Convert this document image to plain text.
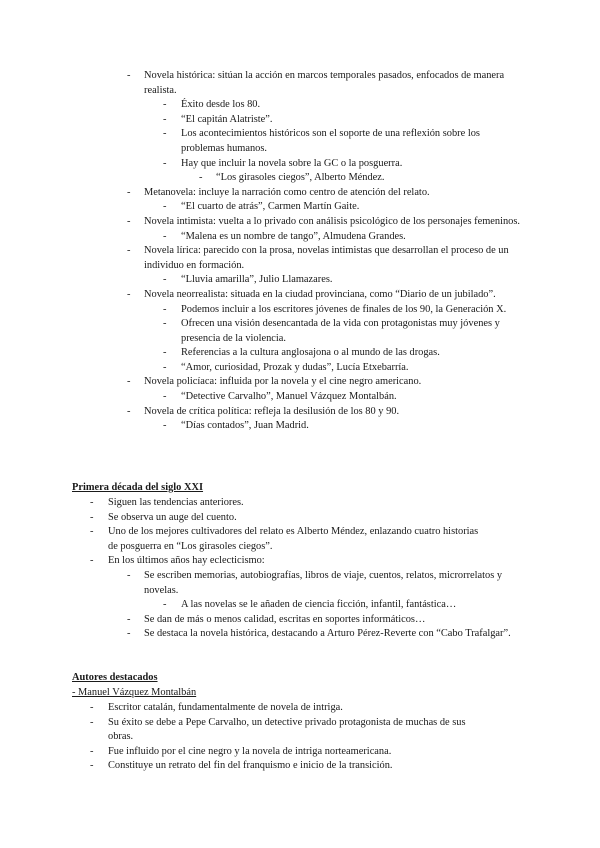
- Novela histórica: sitúan la acción en marcos temporales pasados, enfocados de manera realista.
- Éxito desde los 80.
- “El capitán Alatriste”.
- Los acontecimientos históricos son el soporte de una reflexión sobre los problemas humanos.
- Hay que incluir la novela sobre la GC o la posguerra.
- “Los girasoles ciegos”, Alberto Méndez.
- Metanovela: incluye la narración como centro de atención del relato.
- “El cuarto de atrás”, Carmen Martín Gaite.
- Novela intimista: vuelta a lo privado con análisis psicológico de los personajes femeninos.
- “Malena es un nombre de tango”, Almudena Grandes.
- Novela lírica: parecido con la prosa, novelas intimistas que desarrollan el proceso de un individuo en formación.
- “Lluvia amarilla”, Julio Llamazares.
- Novela neorrealista: situada en la ciudad provinciana, como “Diario de un jubilado”.
- Podemos incluir a los escritores jóvenes de finales de los 90, la Generación X.
- Ofrecen una visión desencantada de la vida con protagonistas muy jóvenes y presencia de la violencia.
- Referencias a la cultura anglosajona o al mundo de las drogas.
- “Amor, curiosidad, Prozak y dudas”, Lucía Etxebarría.
- Novela policíaca: influida por la novela y el cine negro americano.
- “Detective Carvalho”, Manuel Vázquez Montalbán.
- Novela de crítica política: refleja la desilusión de los 80 y 90.
- “Días contados”, Juan Madrid.
Primera década del siglo XXI
- Siguen las tendencias anteriores.
- Se observa un auge del cuento.
- Uno de los mejores cultivadores del relato es Alberto Méndez, enlazando cuatro historias de posguerra en “Los girasoles ciegos”.
- En los últimos años hay eclecticismo:
- Se escriben memorias, autobiografías, libros de viaje, cuentos, relatos, microrrelatos y novelas.
- A las novelas se le añaden de ciencia ficción, infantil, fantástica…
- Se dan de más o menos calidad, escritas en soportes informáticos…
- Se destaca la novela histórica, destacando a Arturo Pérez-Reverte con “Cabo Trafalgar”.
Autores destacados
- Manuel Vázquez Montalbán
- Escritor catalán, fundamentalmente de novela de intriga.
- Su éxito se debe a Pepe Carvalho, un detective privado protagonista de muchas de sus obras.
- Fue influido por el cine negro y la novela de intriga norteamericana.
- Constituye un retrato del fin del franquismo e inicio de la transición.
